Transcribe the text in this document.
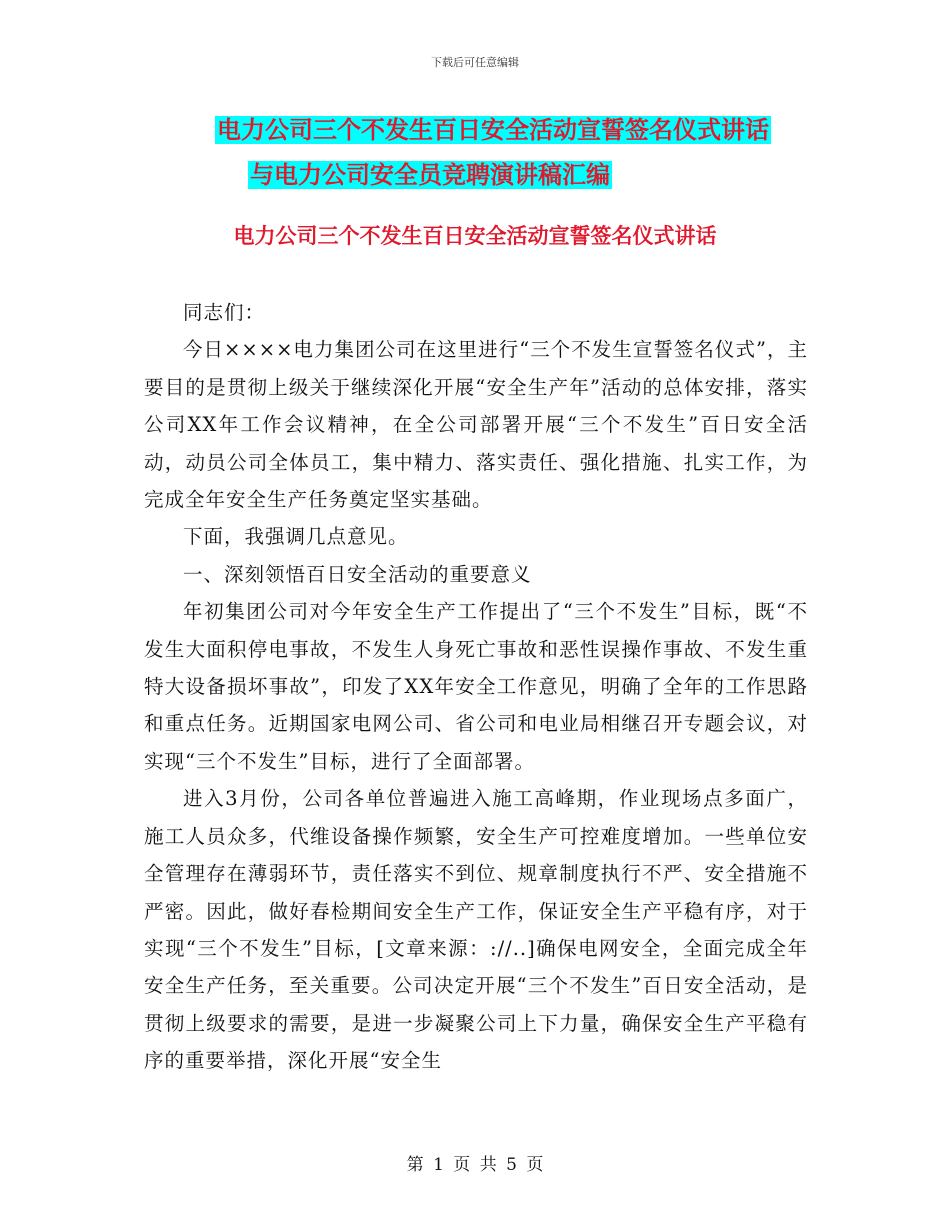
下载后可任意编辑
电力公司三个不发生百日安全活动宣誓签名仪式讲话
与电力公司安全员竞聘演讲稿汇编
电力公司三个不发生百日安全活动宣誓签名仪式讲话

同志们：

今日××××电力集团公司在这里进行“三个不发生宣誓签名仪式”，主要目的是贯彻上级关于继续深化开展“安全生产年”活动的总体安排，落实公司XX年工作会议精神，在全公司部署开展“三个不发生”百日安全活动，动员公司全体员工，集中精力、落实责任、强化措施、扎实工作，为完成全年安全生产任务奠定坚实基础。

下面，我强调几点意见。

一、深刻领悟百日安全活动的重要意义

年初集团公司对今年安全生产工作提出了“三个不发生”目标，既“不发生大面积停电事故，不发生人身死亡事故和恶性误操作事故、不发生重特大设备损坏事故”，印发了XX年安全工作意见，明确了全年的工作思路和重点任务。近期国家电网公司、省公司和电业局相继召开专题会议，对实现“三个不发生”目标，进行了全面部署。

进入3月份，公司各单位普遍进入施工高峰期，作业现场点多面广，施工人员众多，代维设备操作频繁，安全生产可控难度增加。一些单位安全管理存在薄弱环节，责任落实不到位、规章制度执行不严、安全措施不严密。因此，做好春检期间安全生产工作，保证安全生产平稳有序，对于实现“三个不发生”目标，[文章来源：://..]确保电网安全，全面完成全年安全生产任务，至关重要。公司决定开展“三个不发生”百日安全活动，是贯彻上级要求的需要，是进一步凝聚公司上下力量，确保安全生产平稳有序的重要举措，深化开展“安全生

第 1 页 共 5 页
